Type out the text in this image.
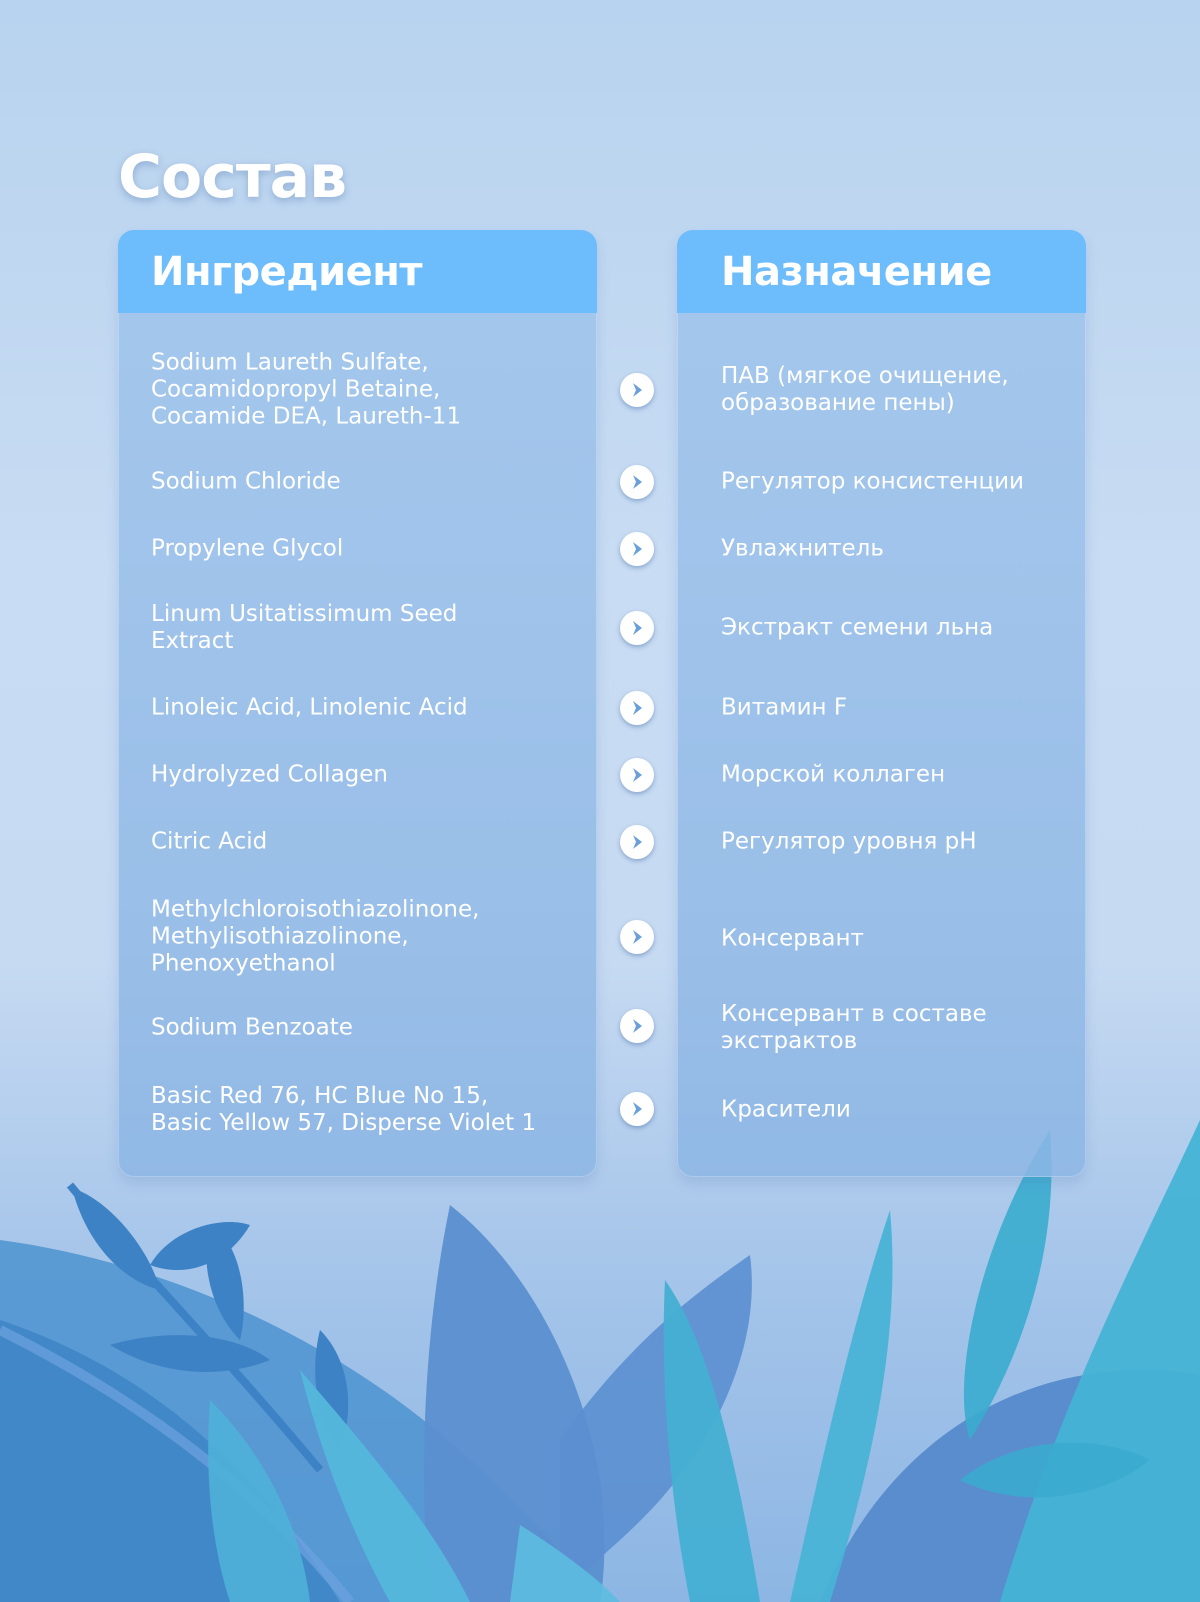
Состав
Ингредиент
Sodium Laureth Sulfate,
Cocamidopropyl Betaine,
Cocamide DEA, Laureth-11
Sodium Chloride
Propylene Glycol
Linum Usitatissimum Seed
Extract
Linoleic Acid, Linolenic Acid
Hydrolyzed Collagen
Citric Acid
Methylchloroisothiazolinone,
Methylisothiazolinone,
Phenoxyethanol
Sodium Benzoate
Basic Red 76, HC Blue No 15,
Basic Yellow 57, Disperse Violet 1
Назначение
ПАВ (мягкое очищение,
образование пены)
Регулятор консистенции
Увлажнитель
Экстракт семени льна
Витамин F
Морской коллаген
Регулятор уровня pH
Консервант
Консервант в составе
экстрактов
Красители
